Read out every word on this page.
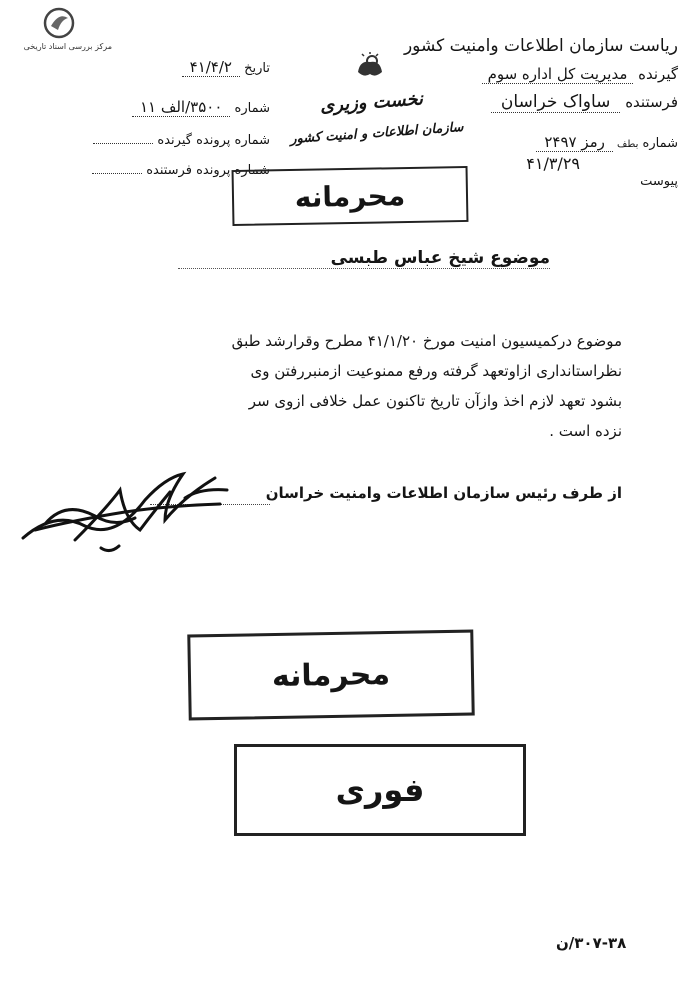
مرکز بررسی اسناد تاریخی	ریاست سازمان اطلاعات وامنیت کشور
گیرنده مدیریت کل اداره سوم
فرستنده ساواک خراسان
شماره بطف رمز ۲۴۹۷
۴۱/۳/۲۹
پیوست
نخست وزیری
سازمان اطلاعات و امنیت کشور
تاریخ ۴۱/۴/۲
شماره ۳۵۰۰/الف ۱۱
شماره پرونده گیرنده
شماره پرونده فرستنده
محرمانه
موضوع شیخ عباس طبسی
موضوع درکمیسیون امنیت مورخ ۴۱/۱/۲۰ مطرح وقرارشد طبق
نظراستانداری ازاوتعهد گرفته ورفع ممنوعیت ازمنبررفتن وی
بشود تعهد لازم اخذ وازآن تاریخ تاکنون عمل خلافی ازوی سر
نزده است .
از طرف رئیس سازمان اطلاعات وامنیت خراسان
محرمانه
فوری
۳۰۷-۳۸/ن
